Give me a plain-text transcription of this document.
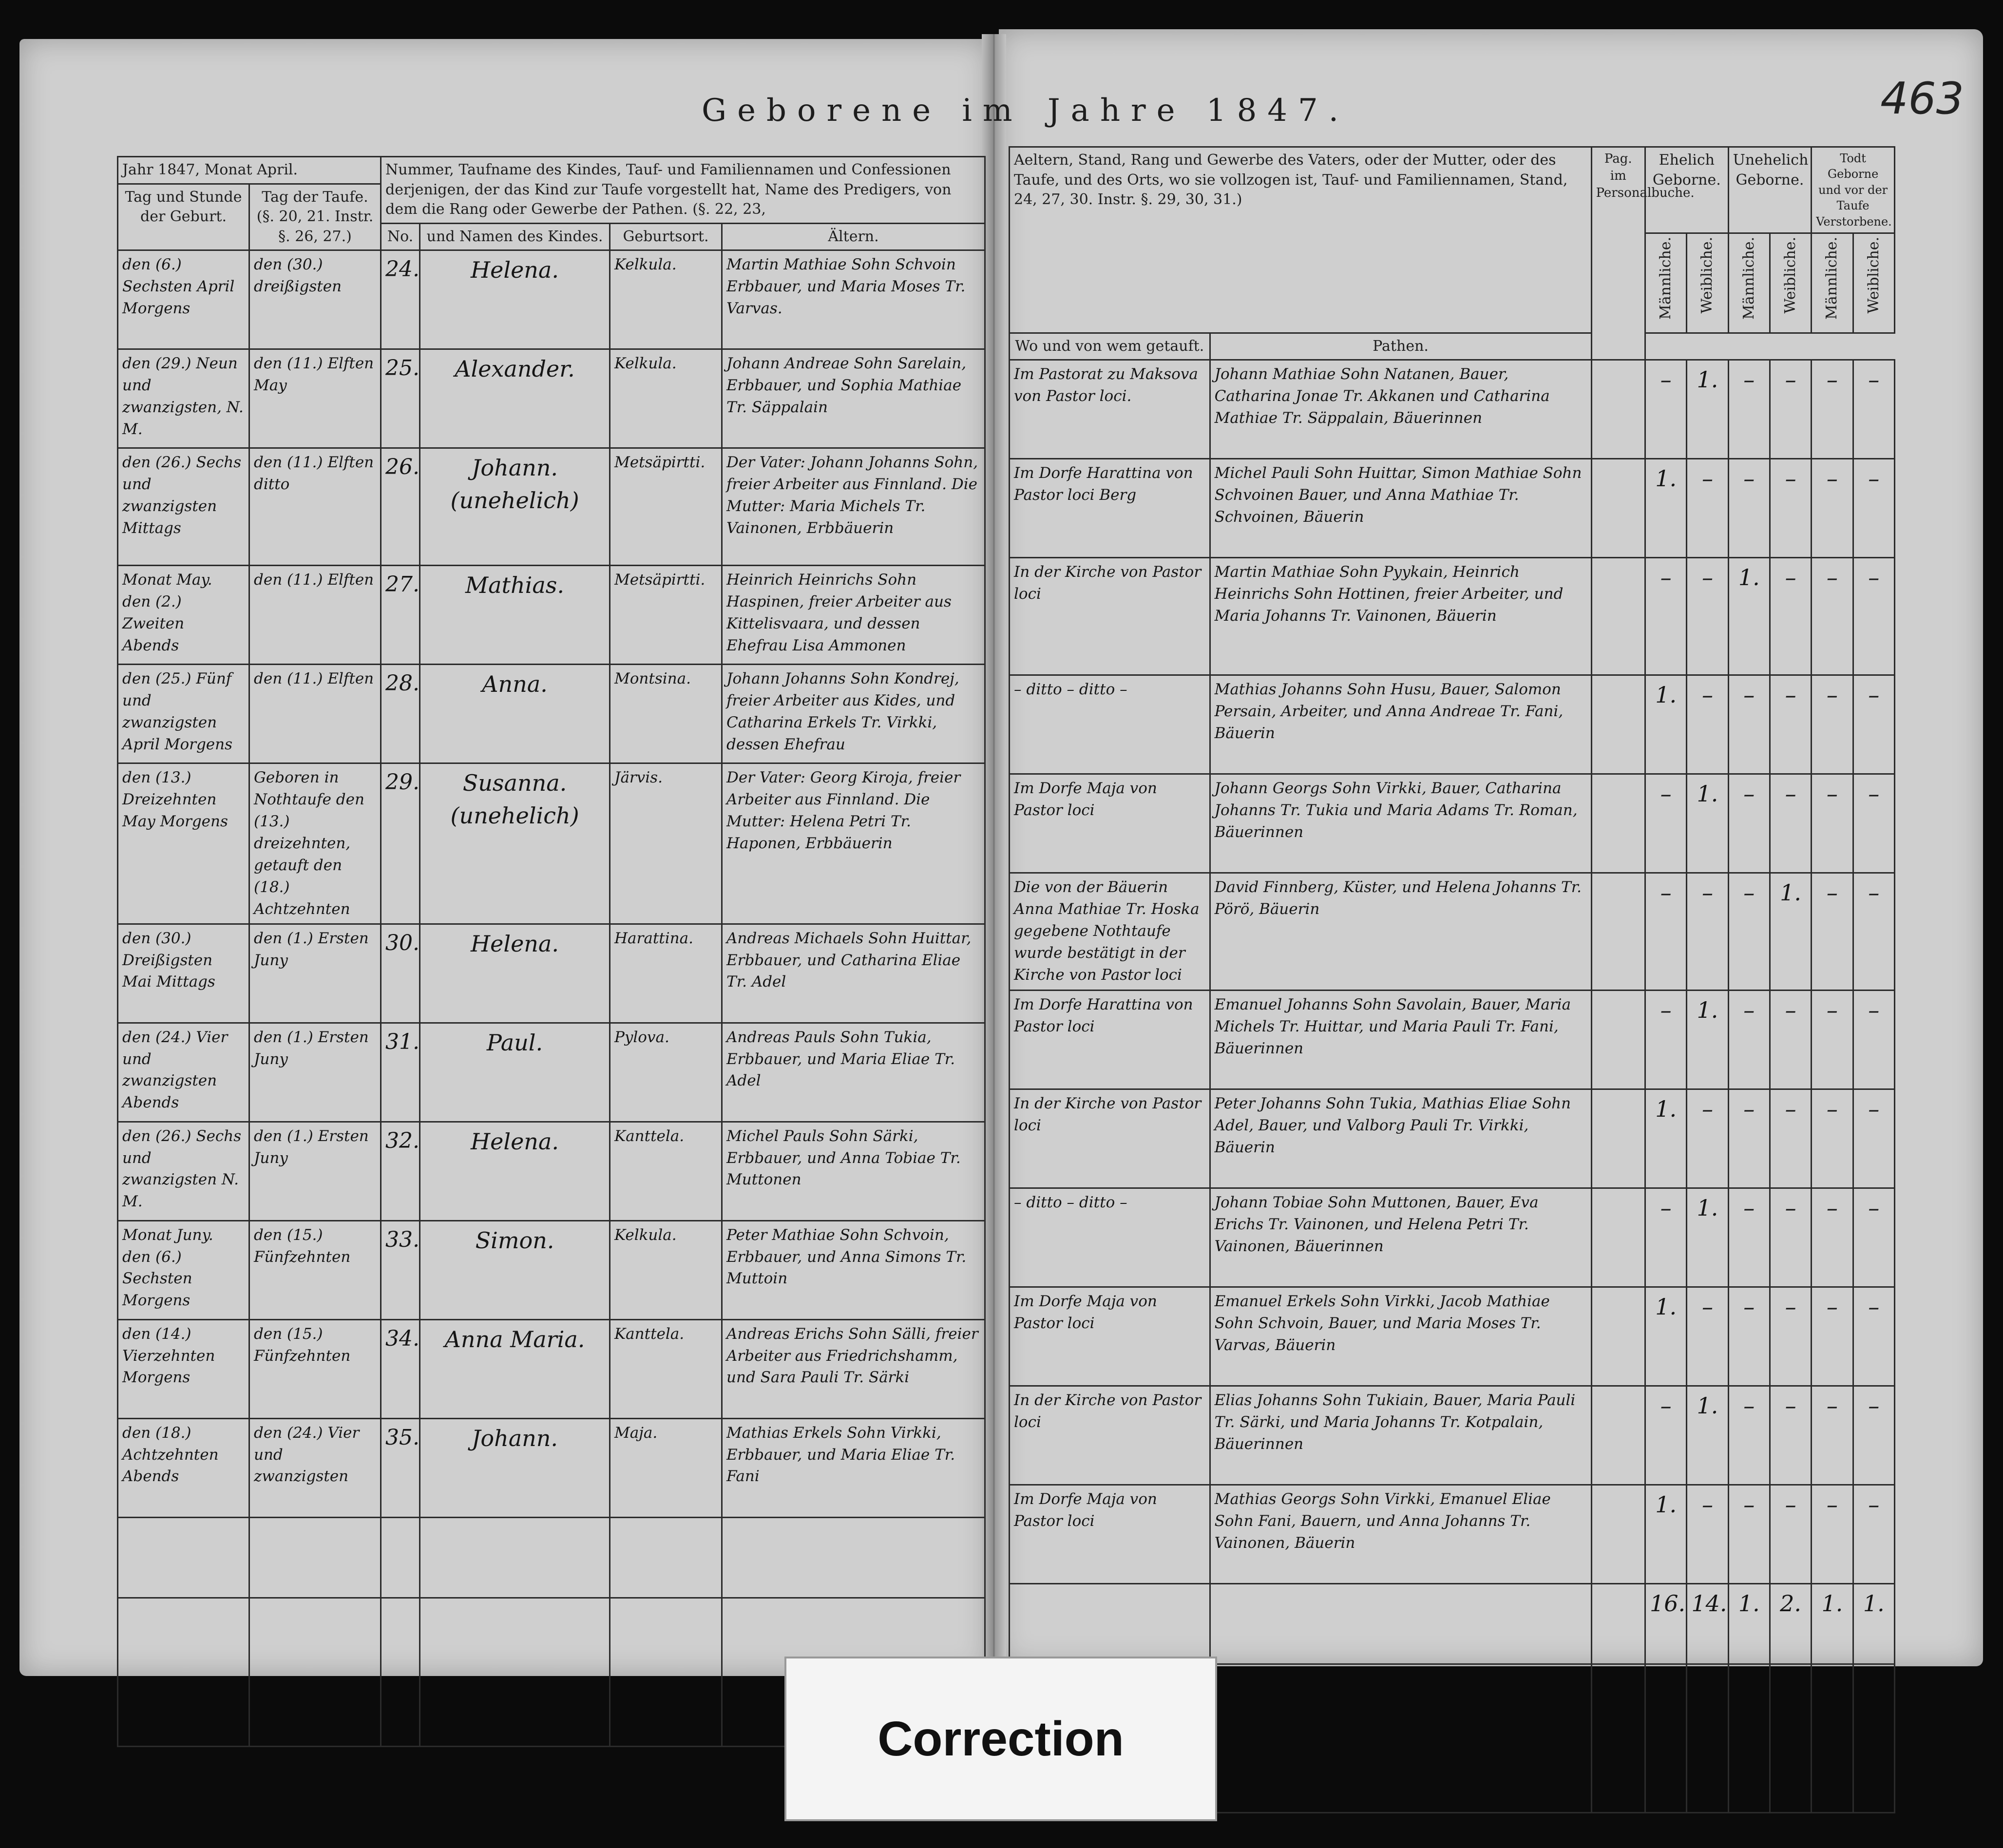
Geborene im Jahre 1847.	463
Jahr 1847, Monat April.		Nummer, Taufname des Kindes, Tauf- und Familiennamen und Confessionen derjenigen, der das Kind zur Taufe vorgestellt hat, Name des Predigers, von dem die Rang oder Gewerbe der Pathen. (§. 22, 23,			
Tag und Stunde der Geburt.	Tag der Taufe. (§. 20, 21. Instr. §. 26, 27.)				
		No.	und Namen des Kindes.	Geburtsort.	Ältern.
den (6.) Sechsten April Morgens	den (30.) dreißigsten	24.	Helena.	Kelkula.	Martin Mathiae Sohn Schvoin Erbbauer, und Maria Moses Tr. Varvas.
den (29.) Neun und zwanzigsten, N. M.	den (11.) Elften May	25.	Alexander.	Kelkula.	Johann Andreae Sohn Sarelain, Erbbauer, und Sophia Mathiae Tr. Säppalain
den (26.) Sechs und zwanzigsten Mittags	den (11.) Elften ditto	26.	Johann. (unehelich)	Metsäpirtti.	Der Vater: Johann Johanns Sohn, freier Arbeiter aus Finnland. Die Mutter: Maria Michels Tr. Vainonen, Erbbäuerin
Monat May. den (2.) Zweiten Abends	den (11.) Elften	27.	Mathias.	Metsäpirtti.	Heinrich Heinrichs Sohn Haspinen, freier Arbeiter aus Kittelisvaara, und dessen Ehefrau Lisa Ammonen
den (25.) Fünf und zwanzigsten April Morgens	den (11.) Elften	28.	Anna.	Montsina.	Johann Johanns Sohn Kondrej, freier Arbeiter aus Kides, und Catharina Erkels Tr. Virkki, dessen Ehefrau
den (13.) Dreizehnten May Morgens	Geboren in Nothtaufe den (13.) dreizehnten, getauft den (18.) Achtzehnten	29.	Susanna. (unehelich)	Järvis.	Der Vater: Georg Kiroja, freier Arbeiter aus Finnland. Die Mutter: Helena Petri Tr. Haponen, Erbbäuerin
den (30.) Dreißigsten Mai Mittags	den (1.) Ersten Juny	30.	Helena.	Harattina.	Andreas Michaels Sohn Huittar, Erbbauer, und Catharina Eliae Tr. Adel
den (24.) Vier und zwanzigsten Abends	den (1.) Ersten Juny	31.	Paul.	Pylova.	Andreas Pauls Sohn Tukia, Erbbauer, und Maria Eliae Tr. Adel
den (26.) Sechs und zwanzigsten N. M.	den (1.) Ersten Juny	32.	Helena.	Kanttela.	Michel Pauls Sohn Särki, Erbbauer, und Anna Tobiae Tr. Muttonen
Monat Juny. den (6.) Sechsten Morgens	den (15.) Fünfzehnten	33.	Simon.	Kelkula.	Peter Mathiae Sohn Schvoin, Erbbauer, und Anna Simons Tr. Muttoin
den (14.) Vierzehnten Morgens	den (15.) Fünfzehnten	34.	Anna Maria.	Kanttela.	Andreas Erichs Sohn Sälli, freier Arbeiter aus Friedrichshamm, und Sara Pauli Tr. Särki
den (18.) Achtzehnten Abends	den (24.) Vier und zwanzigsten	35.	Johann.	Maja.	Mathias Erkels Sohn Virkki, Erbbauer, und Maria Eliae Tr. Fani

Aeltern, Stand, Rang und Gewerbe des Vaters, oder der Mutter, oder des Taufe, und des Orts, wo sie vollzogen ist, Tauf- und Familiennamen, Stand, 24, 27, 30. Instr. §. 29, 30, 31.)		Pag. im Personalbuche.	Ehelich Geborne.		Unehelich Geborne.		Todt Geborne und vor der Taufe Verstorbene.	

			Männliche.	Weibliche.	Männliche.	Weibliche.	Männliche.	Weibliche.

Wo und von wem getauft.	Pathen.							
Im Pastorat zu Maksova von Pastor loci.	Johann Mathiae Sohn Natanen, Bauer, Catharina Jonae Tr. Akkanen und Catharina Mathiae Tr. Säppalain, Bäuerinnen		–	1.	–	–	–	–
Im Dorfe Harattina von Pastor loci Berg	Michel Pauli Sohn Huittar, Simon Mathiae Sohn Schvoinen Bauer, und Anna Mathiae Tr. Schvoinen, Bäuerin		1.	–	–	–	–	–
In der Kirche von Pastor loci	Martin Mathiae Sohn Pyykain, Heinrich Heinrichs Sohn Hottinen, freier Arbeiter, und Maria Johanns Tr. Vainonen, Bäuerin		–	–	1.	–	–	–
– ditto – ditto –	Mathias Johanns Sohn Husu, Bauer, Salomon Persain, Arbeiter, und Anna Andreae Tr. Fani, Bäuerin		1.	–	–	–	–	–
Im Dorfe Maja von Pastor loci	Johann Georgs Sohn Virkki, Bauer, Catharina Johanns Tr. Tukia und Maria Adams Tr. Roman, Bäuerinnen		–	1.	–	–	–	–
Die von der Bäuerin Anna Mathiae Tr. Hoska gegebene Nothtaufe wurde bestätigt in der Kirche von Pastor loci	David Finnberg, Küster, und Helena Johanns Tr. Pörö, Bäuerin		–	–	–	1.	–	–
Im Dorfe Harattina von Pastor loci	Emanuel Johanns Sohn Savolain, Bauer, Maria Michels Tr. Huittar, und Maria Pauli Tr. Fani, Bäuerinnen		–	1.	–	–	–	–
In der Kirche von Pastor loci	Peter Johanns Sohn Tukia, Mathias Eliae Sohn Adel, Bauer, und Valborg Pauli Tr. Virkki, Bäuerin		1.	–	–	–	–	–
– ditto – ditto –	Johann Tobiae Sohn Muttonen, Bauer, Eva Erichs Tr. Vainonen, und Helena Petri Tr. Vainonen, Bäuerinnen		–	1.	–	–	–	–
Im Dorfe Maja von Pastor loci	Emanuel Erkels Sohn Virkki, Jacob Mathiae Sohn Schvoin, Bauer, und Maria Moses Tr. Varvas, Bäuerin		1.	–	–	–	–	–
In der Kirche von Pastor loci	Elias Johanns Sohn Tukiain, Bauer, Maria Pauli Tr. Särki, und Maria Johanns Tr. Kotpalain, Bäuerinnen		–	1.	–	–	–	–
Im Dorfe Maja von Pastor loci	Mathias Georgs Sohn Virkki, Emanuel Eliae Sohn Fani, Bauern, und Anna Johanns Tr. Vainonen, Bäuerin		1.	–	–	–	–	–
			16.	14.	1.	2.	1.	1.

Correction
